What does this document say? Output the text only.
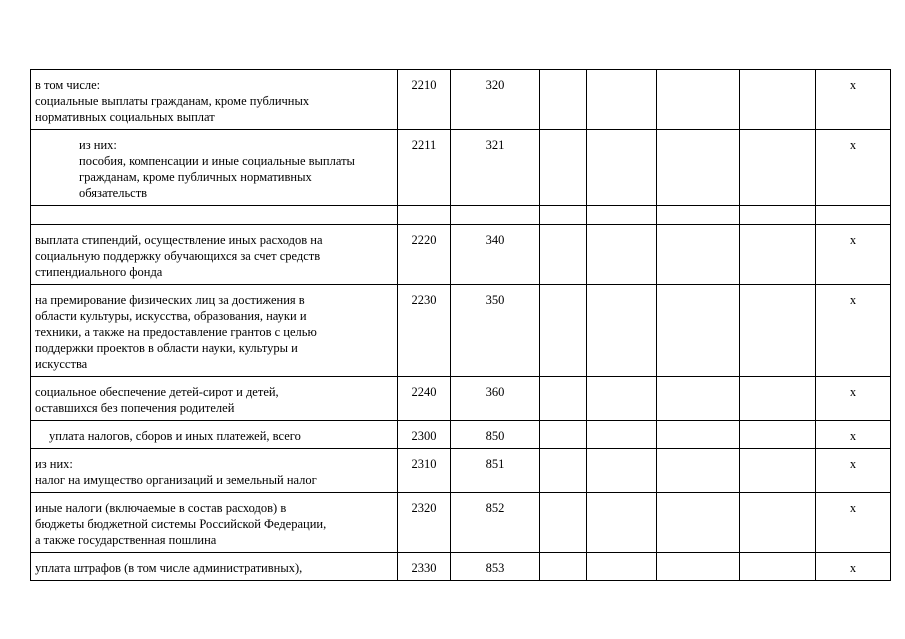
в том числе:
социальные выплаты гражданам, кроме публичных
нормативных социальных выплат	2210	320					x

из них:
пособия, компенсации и иные социальные выплаты
гражданам, кроме публичных нормативных
обязательств	2211	321					x

выплата стипендий, осуществление иных расходов на
социальную поддержку обучающихся за счет средств
стипендиального фонда	2220	340					x

на премирование физических лиц за достижения в
области культуры, искусства, образования, науки и
техники, а также на предоставление грантов с целью
поддержки проектов в области науки, культуры и
искусства	2230	350					x

социальное обеспечение детей-сирот и детей,
оставшихся без попечения родителей	2240	360					x

уплата налогов, сборов и иных платежей, всего	2300	850					x

из них:
налог на имущество организаций и земельный налог	2310	851					x

иные налоги (включаемые в состав расходов) в
бюджеты бюджетной системы Российской Федерации,
а также государственная пошлина	2320	852					x

уплата штрафов (в том числе административных),	2330	853					x
